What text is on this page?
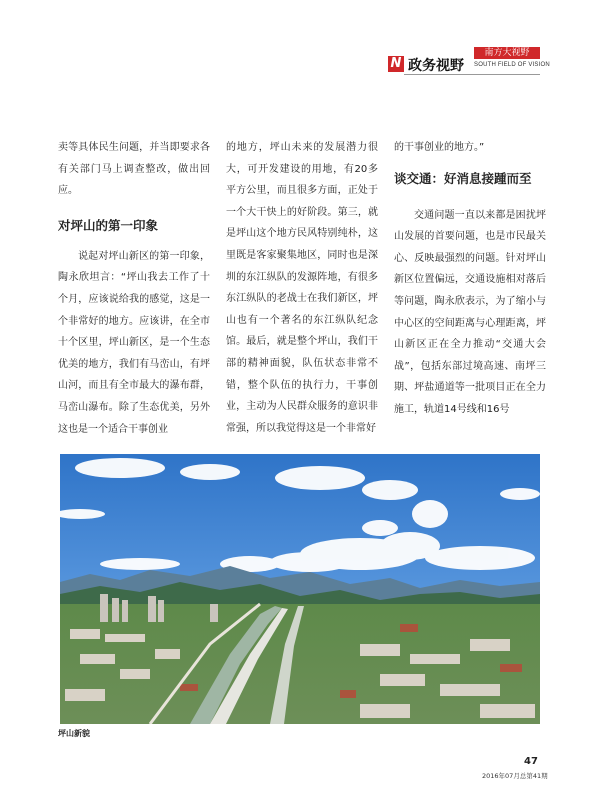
N 政务视野
南方大视野
SOUTH FIELD OF VISION

卖等具体民生问题，并当即要求各有关部门马上调查整改，做出回应。

对坪山的第一印象

说起对坪山新区的第一印象，陶永欣坦言：“坪山我去工作了十个月，应该说给我的感觉，这是一个非常好的地方。应该讲，在全市十个区里，坪山新区，是一个生态优美的地方，我们有马峦山，有坪山河，而且有全市最大的瀑布群，马峦山瀑布。除了生态优美，另外这也是一个适合干事创业

的地方，坪山未来的发展潜力很大，可开发建设的用地，有20多平方公里，而且很多方面，正处于一个大干快上的好阶段。第三，就是坪山这个地方民风特别纯朴，这里既是客家聚集地区，同时也是深圳的东江纵队的发源阵地，有很多东江纵队的老战士在我们新区，坪山也有一个著名的东江纵队纪念馆。最后，就是整个坪山，我们干部的精神面貌，队伍状态非常不错，整个队伍的执行力，干事创业，主动为人民群众服务的意识非常强，所以我觉得这是一个非常好

的干事创业的地方。”

谈交通：好消息接踵而至

交通问题一直以来都是困扰坪山发展的首要问题，也是市民最关心、反映最强烈的问题。针对坪山新区位置偏远，交通设施相对落后等问题，陶永欣表示，为了缩小与中心区的空间距离与心理距离，坪山新区正在全力推动“交通大会战”，包括东部过境高速、南坪三期、坪盐通道等一批项目正在全力施工，轨道14号线和16号

坪山新貌
47
2016年07月总第41期
